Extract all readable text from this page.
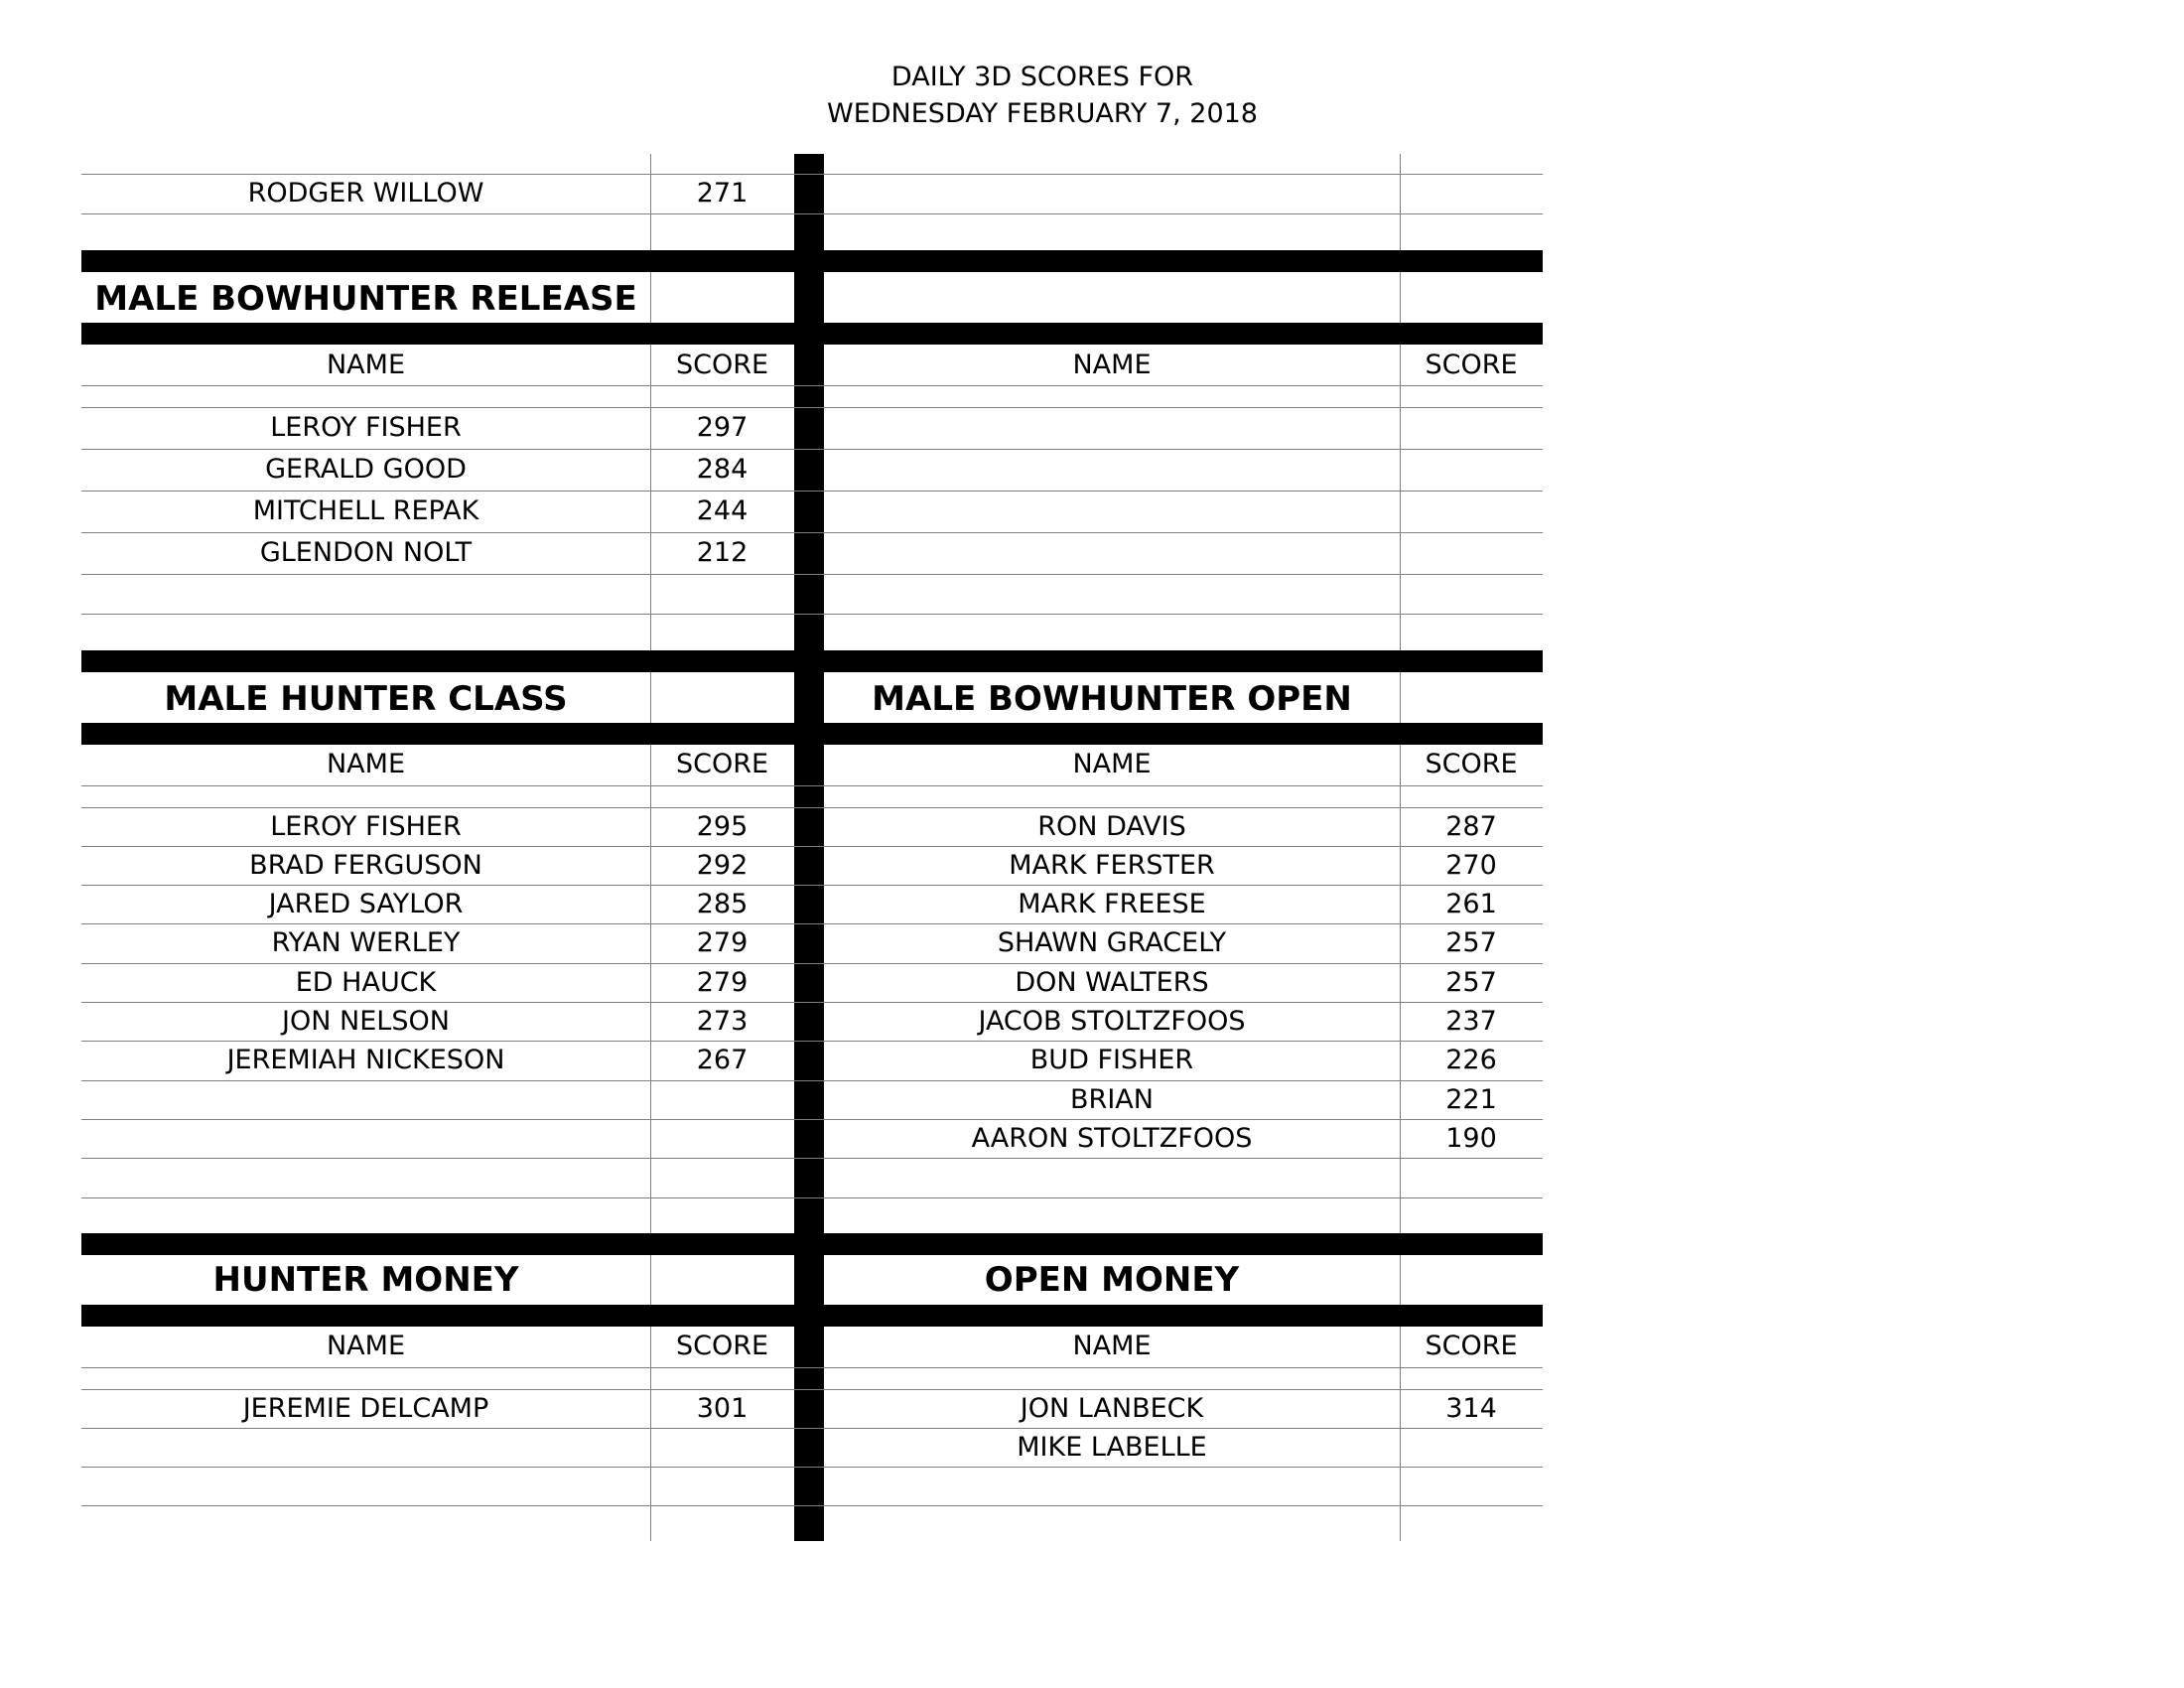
DAILY 3D SCORES FOR
WEDNESDAY FEBRUARY 7, 2018
RODGER WILLOW	271
MALE BOWHUNTER RELEASE
NAME	SCORE	NAME	SCORE
LEROY FISHER	297
GERALD GOOD	284
MITCHELL REPAK	244
GLENDON NOLT	212
MALE HUNTER CLASS	MALE BOWHUNTER OPEN
NAME	SCORE	NAME	SCORE
LEROY FISHER	295
BRAD FERGUSON	292
JARED SAYLOR	285
RYAN WERLEY	279
ED HAUCK	279
JON NELSON	273
JEREMIAH NICKESON	267
RON DAVIS	287
MARK FERSTER	270
MARK FREESE	261
SHAWN GRACELY	257
DON WALTERS	257
JACOB STOLTZFOOS	237
BUD FISHER	226
BRIAN	221
AARON STOLTZFOOS	190
HUNTER MONEY	OPEN MONEY
NAME	SCORE	NAME	SCORE
JEREMIE DELCAMP	301	JON LANBECK	314
MIKE LABELLE
